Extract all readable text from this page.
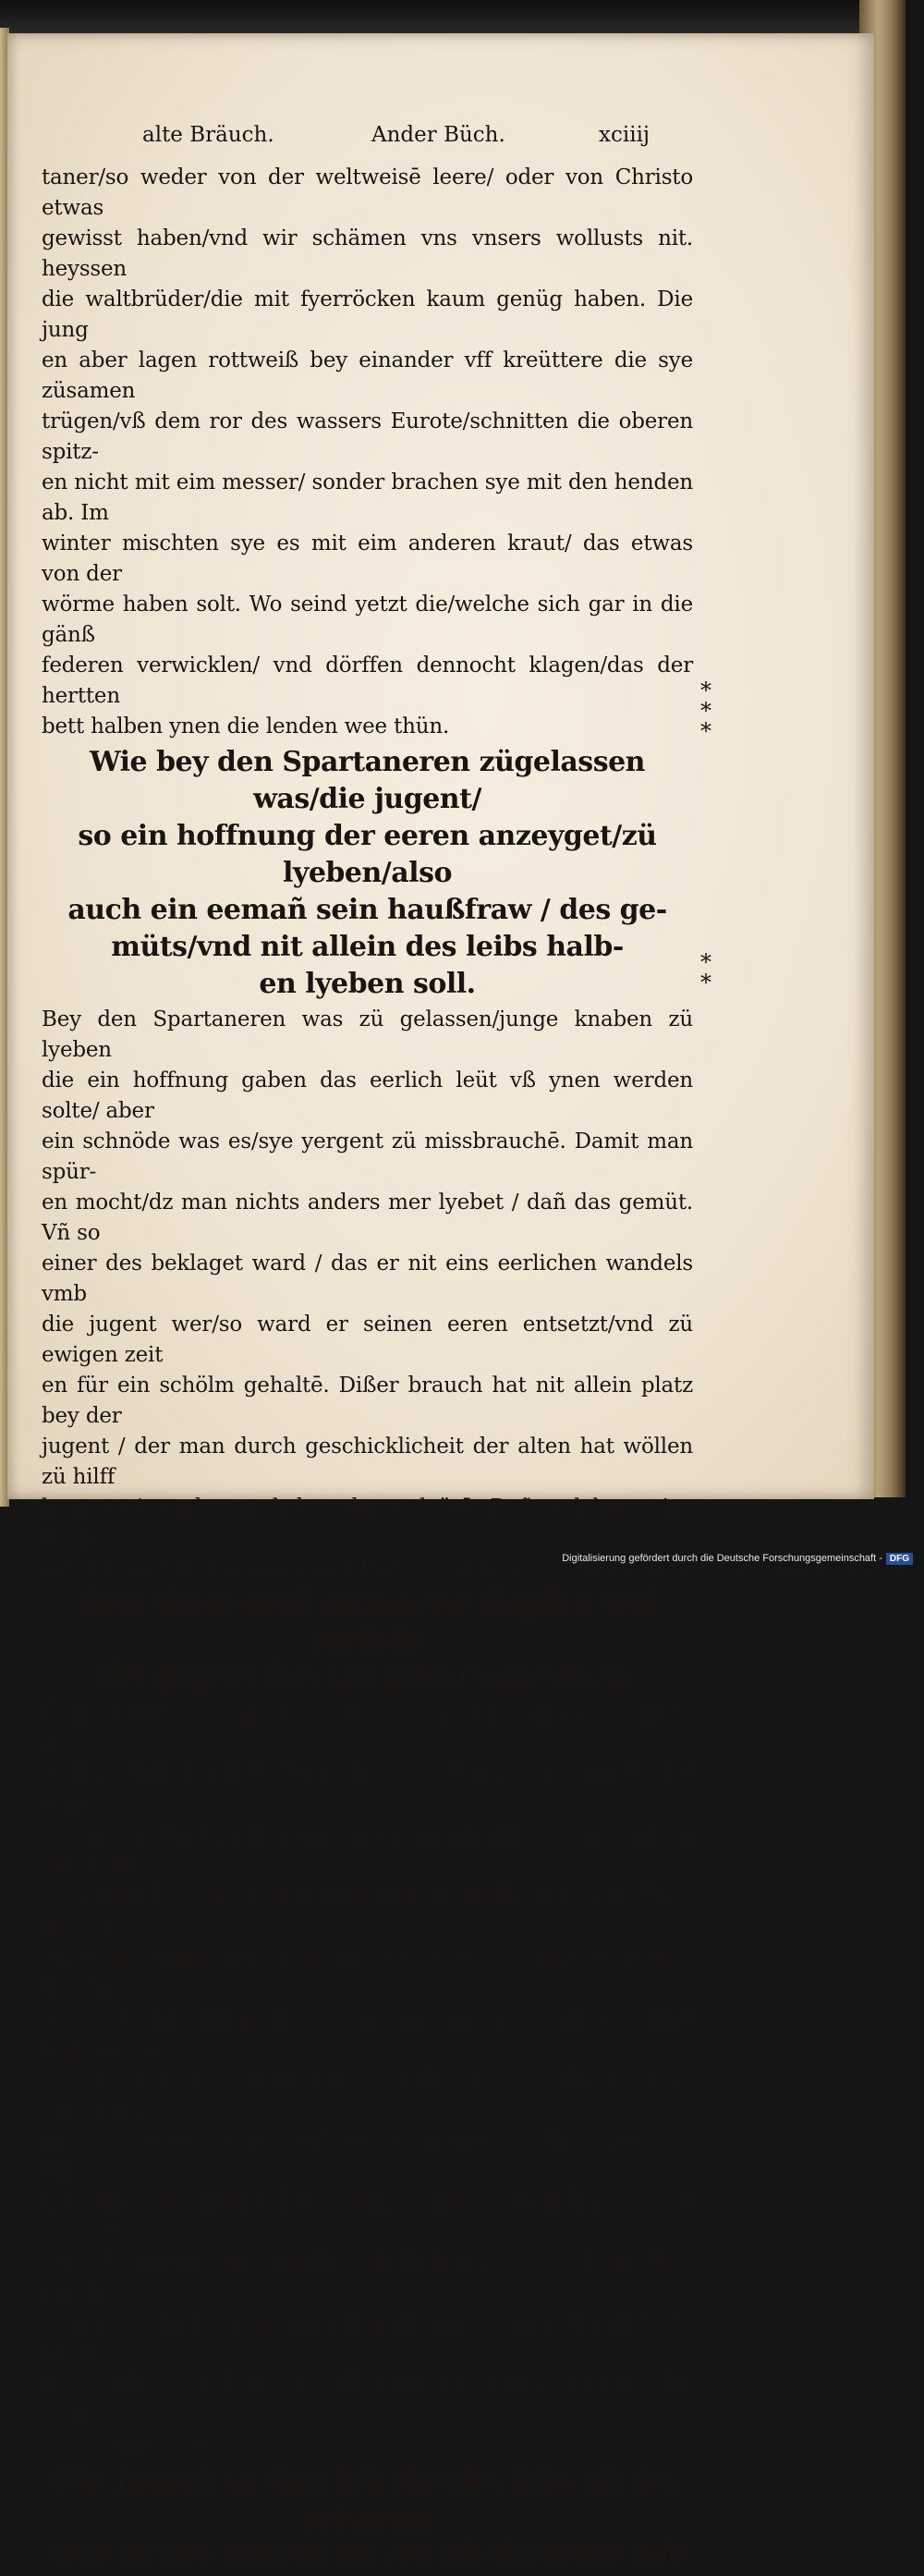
alte Bräuch.	Ander Büch.	xciiij
taner/so weder von der weltweisē leere/ oder von Christo etwas
gewisst haben/vnd wir schämen vns vnsers wollusts nit. heyssen
die waltbrüder/die mit fyerröcken kaum genüg haben. Die jung
en aber lagen rottweiß bey einander vff kreüttere die sye züsamen
trügen/vß dem ror des wassers Eurote/schnitten die oberen spitz-
en nicht mit eim messer/ sonder brachen sye mit den henden ab. Im
winter mischten sye es mit eim anderen kraut/ das etwas von der
wörme haben solt. Wo seind yetzt die/welche sich gar in die gänß
federen verwicklen/ vnd dörffen dennocht klagen/das der hertten
bett halben ynen die lenden wee thün.
Wie bey den Spartaneren zügelassen was/die jugent/
so ein hoffnung der eeren anzeyget/zü lyeben/also
auch ein eemañ sein haußfraw / des ge-
müts/vnd nit allein des leibs halb-
en lyeben soll.
Bey den Spartaneren was zü gelassen/junge knaben zü lyeben
die ein hoffnung gaben das eerlich leüt vß ynen werden solte/ aber
ein schnöde was es/sye yergent zü missbrauchē. Damit man spür-
en mocht/dz man nichts anders mer lyebet / dañ das gemüt. Vñ so
einer des beklaget ward / das er nit eins eerlichen wandels vmb
die jugent wer/so ward er seinen eeren entsetzt/vnd zü ewigen zeit
en für ein schölm gehaltē. Dißer brauch hat nit allein platz bey der
jugent / der man durch geschicklicheit der alten hat wöllen zü hilff
kummen/ sonder auch bey den eeleütē. Dañ welcher seins weibs leib
meer lyebet/dañ ir gemüt/der hatt sye nicht recht lieb.
Den Alten steet zü/das sye dapffer vnd eerlich/
der jugent das sye gehorsam seyen.
Es ist der brauch gewest bey den Spartaneren/so die jungē ge-
sellen yergent hyn woltē geen/dz sye von den alten gefraget wurd-
en/wo sye hyn wolten/vñ was ir geschäfft weren. Vnd so einer nit
antwort/oder loß vrsach anzeyget/so strafft man yn. Auch weñ ein
Alter ein jungē sah vngeschickt sein/vñ yn nicht straffet/so was er/
so hoch büßzfellig/als ob er die missz handlūg selbst begangē. Wel
cher aber vß den jungen nicht leidē wolt das die alten yn straffren /
der was in grosszem spott vñ verachtung. Billich würt die missz-
handlung der jugent denen zügeschriben / welchen züsteet sye dar-
uor zü warnen/oder straffen. Darumb müstē die Alten eben vffseh-
en/das sye in beywesen der jugent nichts anders handelten / dann
was eerlich wer. Dañ wie will einer ein anderē straffen / der selbst
straffwürdig ist?
Die Jugent so durch lyebe des lobs vñ der schamm
sich zü der tugent nit zeücht/da seind alle
*
*
*
*
*
Digitalisierung gefördert durch die Deutsche Forschungsgemeinschaft - DFG
